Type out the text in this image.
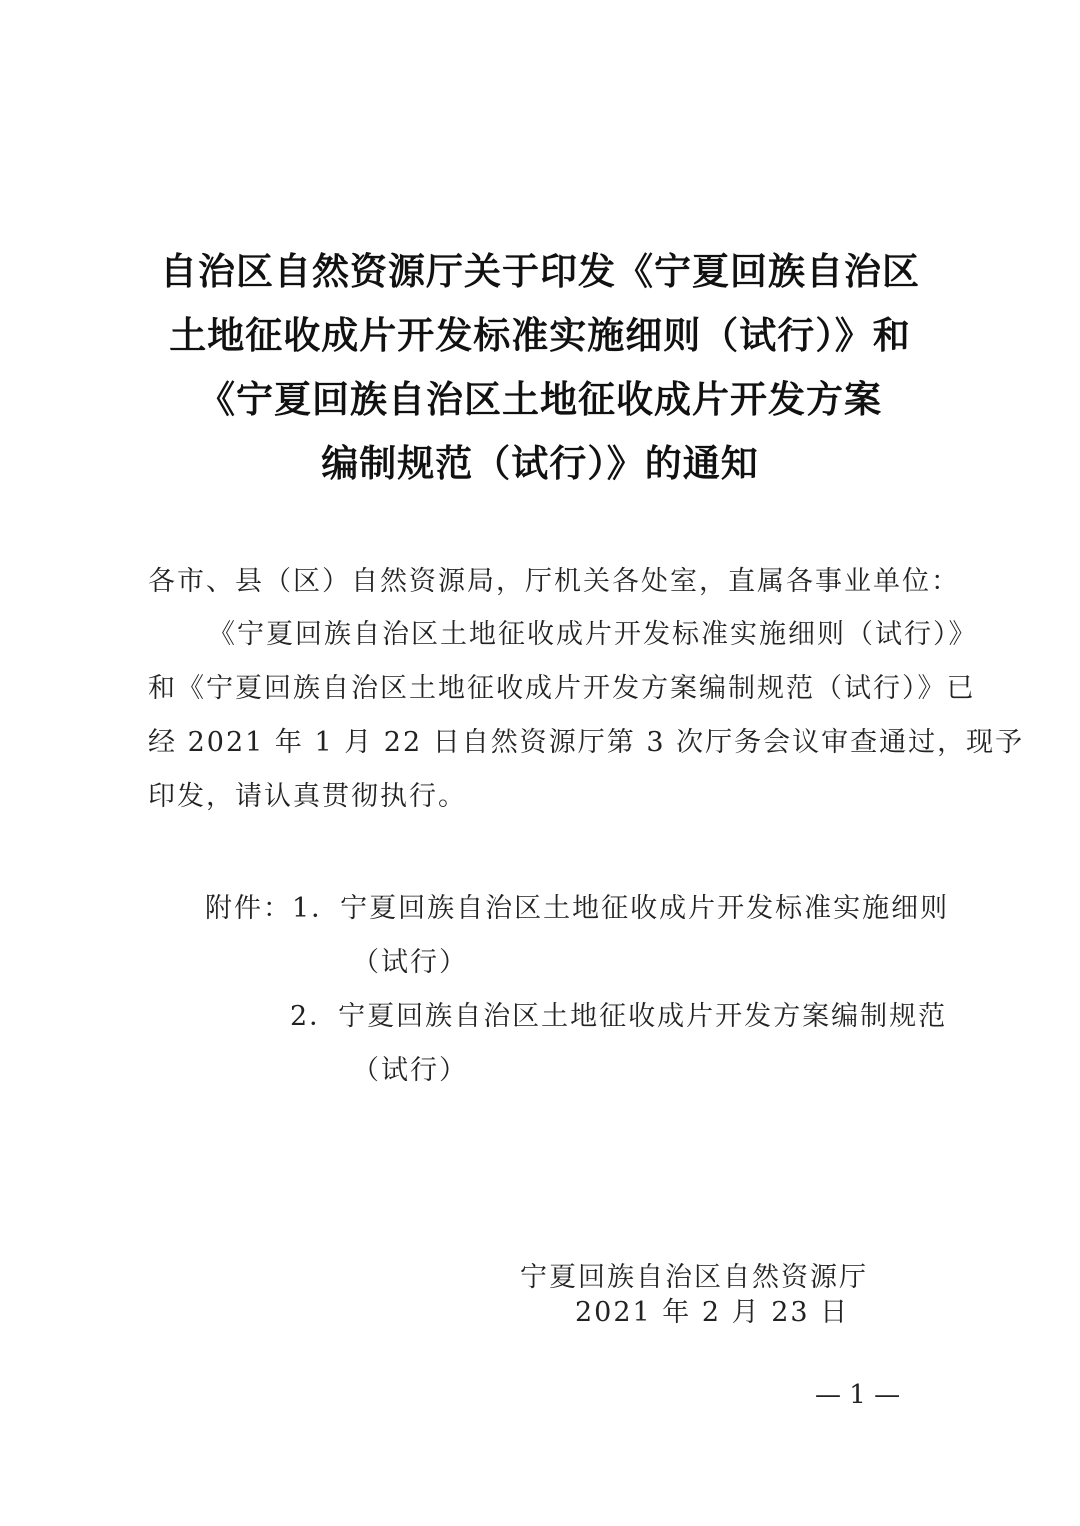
自治区自然资源厅关于印发《宁夏回族自治区
土地征收成片开发标准实施细则（试行）》和
《宁夏回族自治区土地征收成片开发方案
编制规范（试行）》的通知
各市、县（区）自然资源局，厅机关各处室，直属各事业单位：
《宁夏回族自治区土地征收成片开发标准实施细则（试行）》
和《宁夏回族自治区土地征收成片开发方案编制规范（试行）》已
经 2021 年 1 月 22 日自然资源厅第 3 次厅务会议审查通过，现予
印发，请认真贯彻执行。
附件：1．宁夏回族自治区土地征收成片开发标准实施细则
（试行）
2．宁夏回族自治区土地征收成片开发方案编制规范
（试行）
宁夏回族自治区自然资源厅
2021 年 2 月 23 日
— 1 —
